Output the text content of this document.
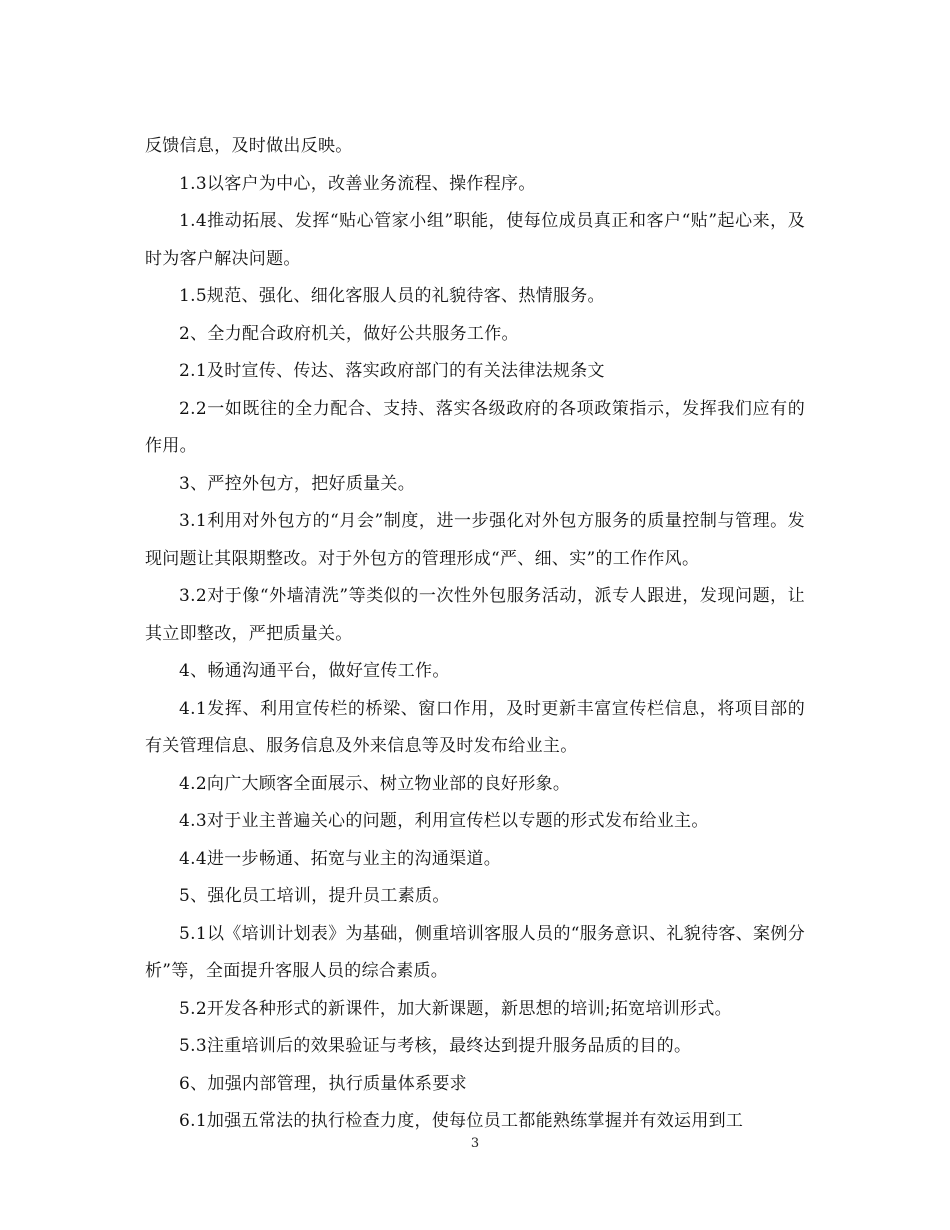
反馈信息，及时做出反映。

1.3以客户为中心，改善业务流程、操作程序。

1.4推动拓展、发挥“贴心管家小组”职能，使每位成员真正和客户“贴”起心来，及时为客户解决问题。

1.5规范、强化、细化客服人员的礼貌待客、热情服务。

2、全力配合政府机关，做好公共服务工作。

2.1及时宣传、传达、落实政府部门的有关法律法规条文

2.2一如既往的全力配合、支持、落实各级政府的各项政策指示，发挥我们应有的作用。

3、严控外包方，把好质量关。

3.1利用对外包方的“月会”制度，进一步强化对外包方服务的质量控制与管理。发现问题让其限期整改。对于外包方的管理形成“严、细、实”的工作作风。

3.2对于像“外墙清洗”等类似的一次性外包服务活动，派专人跟进，发现问题，让其立即整改，严把质量关。

4、畅通沟通平台，做好宣传工作。

4.1发挥、利用宣传栏的桥梁、窗口作用，及时更新丰富宣传栏信息，将项目部的有关管理信息、服务信息及外来信息等及时发布给业主。

4.2向广大顾客全面展示、树立物业部的良好形象。

4.3对于业主普遍关心的问题，利用宣传栏以专题的形式发布给业主。

4.4进一步畅通、拓宽与业主的沟通渠道。

5、强化员工培训，提升员工素质。

5.1以《培训计划表》为基础，侧重培训客服人员的“服务意识、礼貌待客、案例分析”等，全面提升客服人员的综合素质。

5.2开发各种形式的新课件，加大新课题，新思想的培训;拓宽培训形式。

5.3注重培训后的效果验证与考核，最终达到提升服务品质的目的。

6、加强内部管理，执行质量体系要求

6.1加强五常法的执行检查力度，使每位员工都能熟练掌握并有效运用到工

3
